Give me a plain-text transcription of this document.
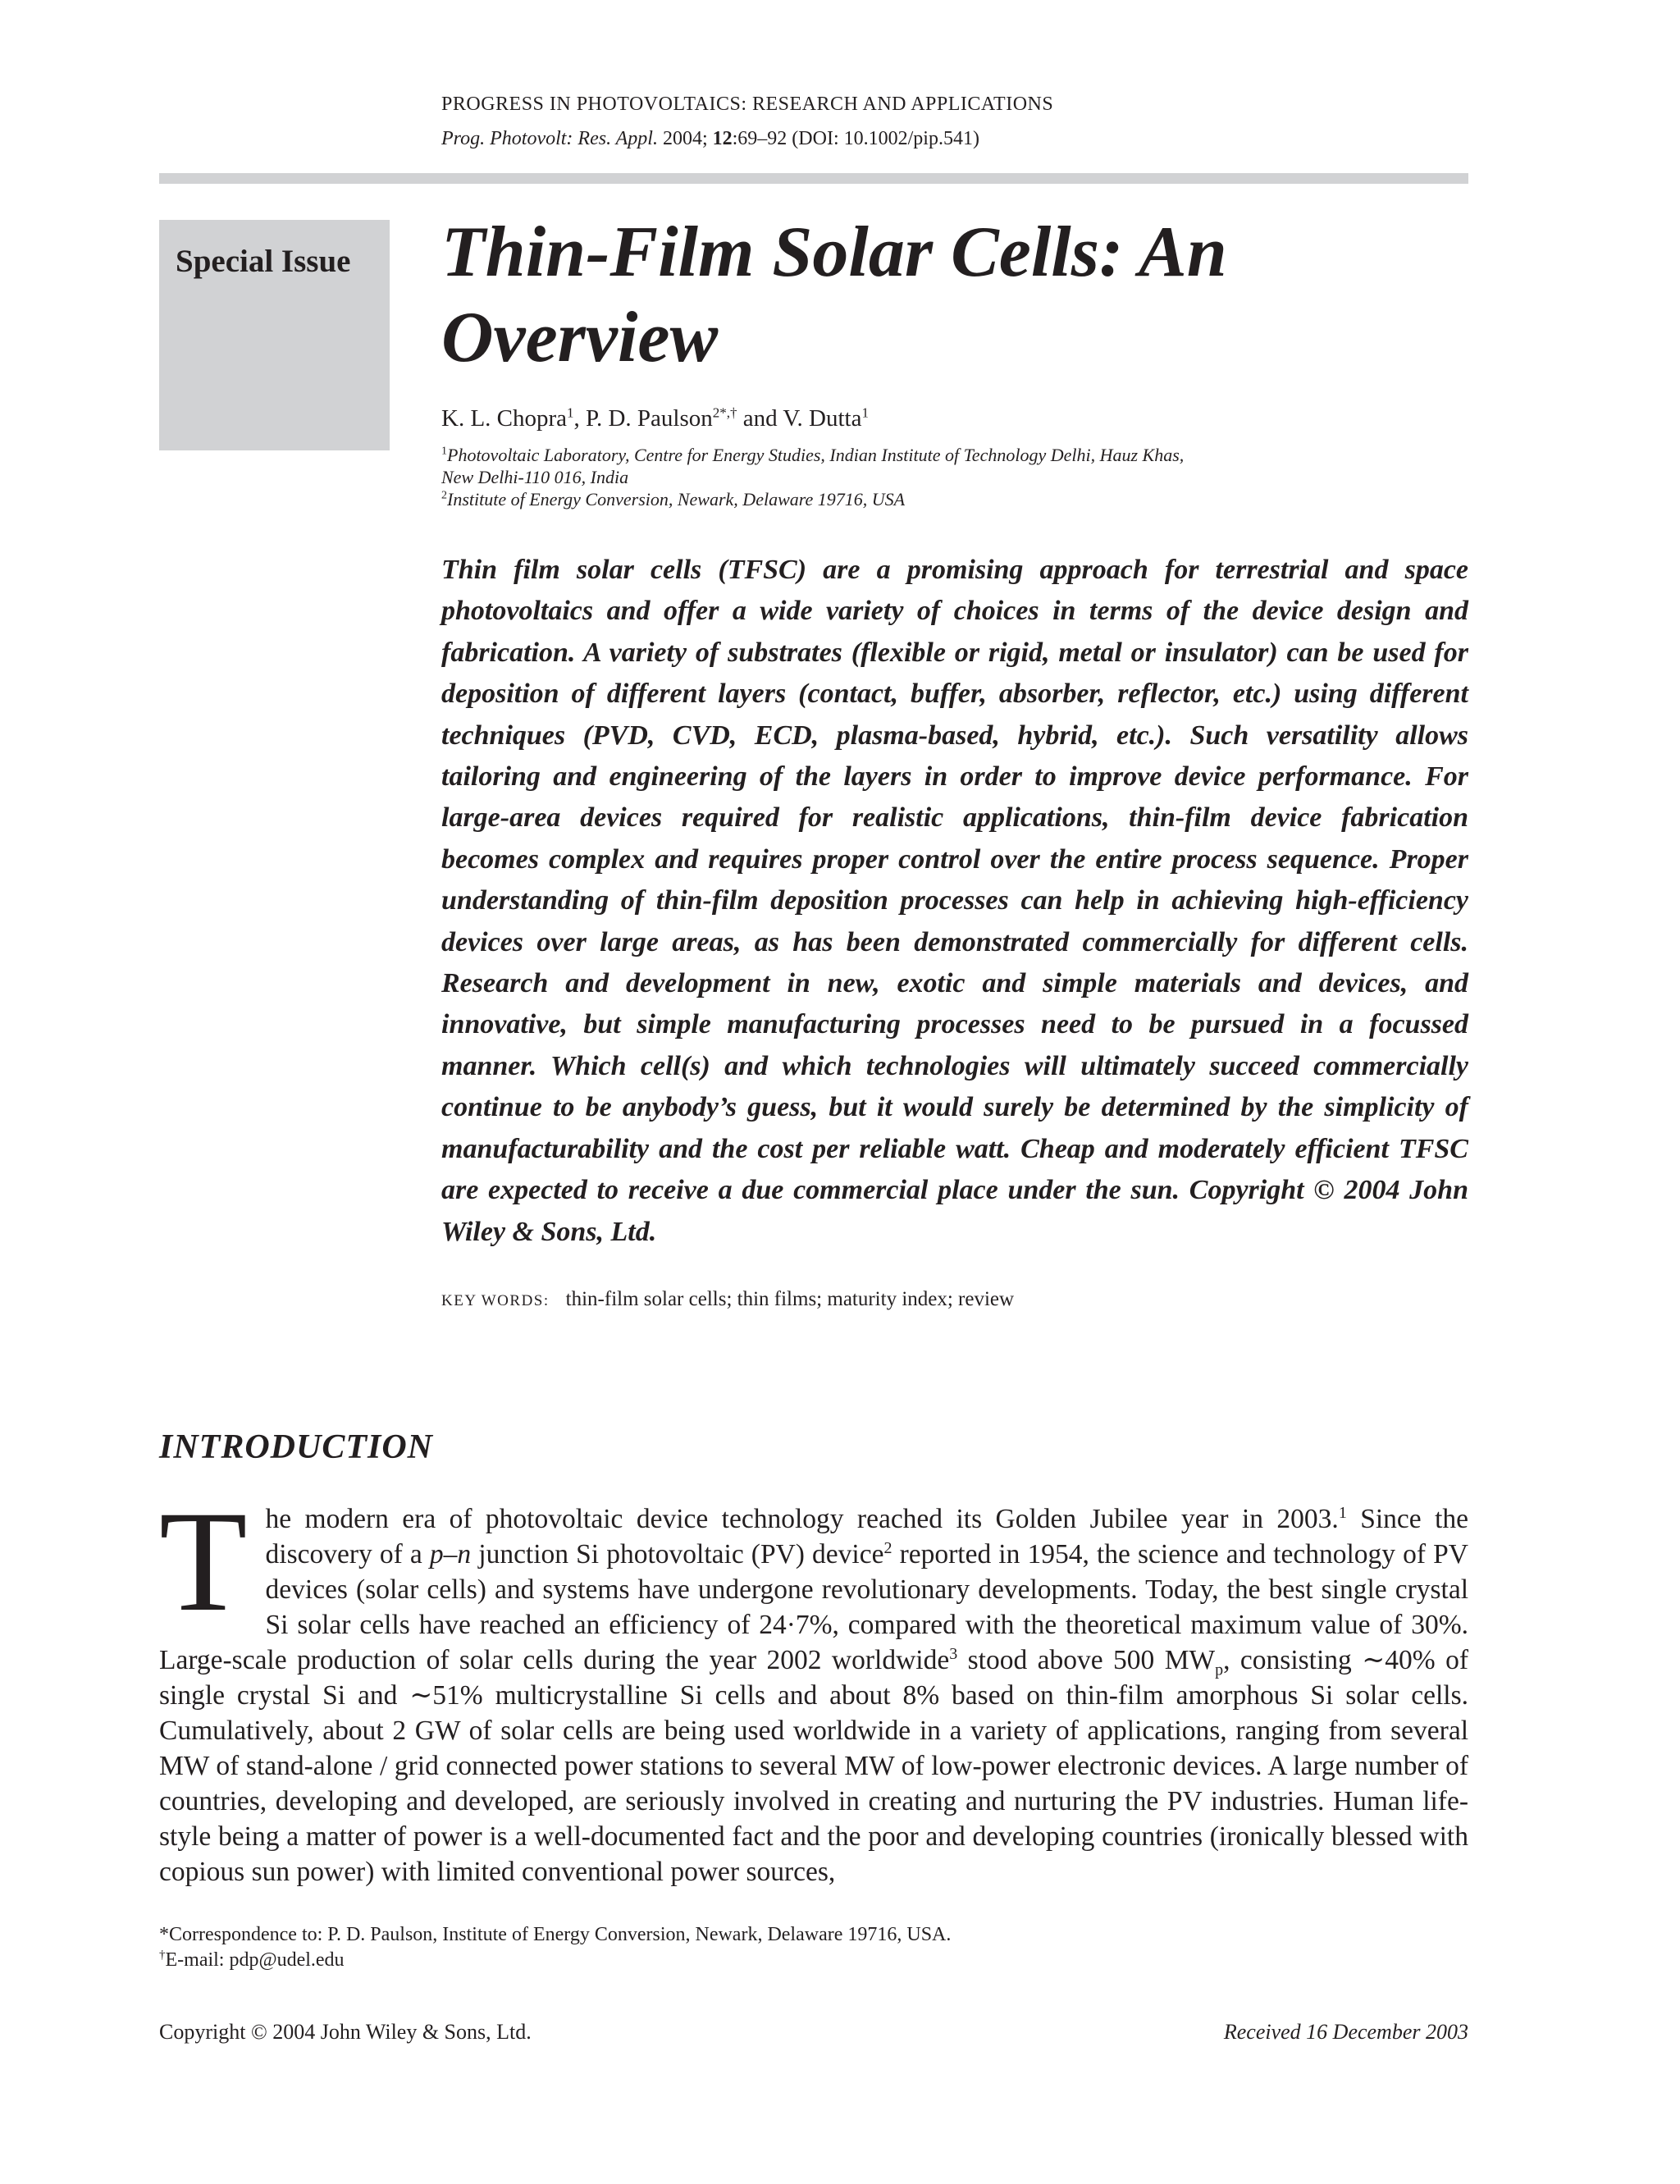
PROGRESS IN PHOTOVOLTAICS: RESEARCH AND APPLICATIONS
Prog. Photovolt: Res. Appl. 2004; 12:69–92 (DOI: 10.1002/pip.541)
Special Issue Thin-Film Solar Cells: An Overview
K. L. Chopra$^1$, P. D. Paulson$^{2*,\dagger}$ and V. Dutta$^1$
$^1$Photovoltaic Laboratory, Centre for Energy Studies, Indian Institute of Technology Delhi, Hauz Khas,
New Delhi-110 016, India
$^2$Institute of Energy Conversion, Newark, Delaware 19716, USA
Thin film solar cells (TFSC) are a promising approach for terrestrial and space photovoltaics and offer a wide variety of choices in terms of the device design and fabrication. A variety of substrates (flexible or rigid, metal or insulator) can be used for deposition of different layers (contact, buffer, absorber, reflector, etc.) using different techniques (PVD, CVD, ECD, plasma-based, hybrid, etc.). Such versatility allows tailoring and engineering of the layers in order to improve device performance. For large-area devices required for realistic applications, thin-film device fabrication becomes complex and requires proper control over the entire process sequence. Proper understanding of thin-film deposition processes can help in achieving high-efficiency devices over large areas, as has been demonstrated commercially for different cells. Research and development in new, exotic and simple materials and devices, and innovative, but simple manufacturing processes need to be pursued in a focussed manner. Which cell(s) and which technologies will ultimately succeed commercially continue to be anybody’s guess, but it would surely be determined by the simplicity of manufacturability and the cost per reliable watt. Cheap and moderately efficient TFSC are expected to receive a due commercial place under the sun. Copyright © 2004 John Wiley & Sons, Ltd.
KEY WORDS: thin-film solar cells; thin films; maturity index; review
INTRODUCTION
The modern era of photovoltaic device technology reached its Golden Jubilee year in 2003.$^1$ Since the discovery of a p–n junction Si photovoltaic (PV) device$^2$ reported in 1954, the science and technology of PV devices (solar cells) and systems have undergone revolutionary developments. Today, the best single crystal Si solar cells have reached an efficiency of 24·7%, compared with the theoretical maximum value of 30%. Large-scale production of solar cells during the year 2002 worldwide$^3$ stood above 500 $MW_p$, consisting ∼40% of single crystal Si and ∼51% multicrystalline Si cells and about 8% based on thin-film amorphous Si solar cells. Cumulatively, about 2 GW of solar cells are being used worldwide in a variety of applications, ranging from several MW of stand-alone / grid connected power stations to several MW of low-power electronic devices. A large number of countries, developing and developed, are seriously involved in creating and nurturing the PV industries. Human life-style being a matter of power is a well-documented fact and the poor and developing countries (ironically blessed with copious sun power) with limited conventional power sources,
*Correspondence to: P. D. Paulson, Institute of Energy Conversion, Newark, Delaware 19716, USA.
†E-mail: pdp@udel.edu
Copyright © 2004 John Wiley & Sons, Ltd.	Received 16 December 2003
